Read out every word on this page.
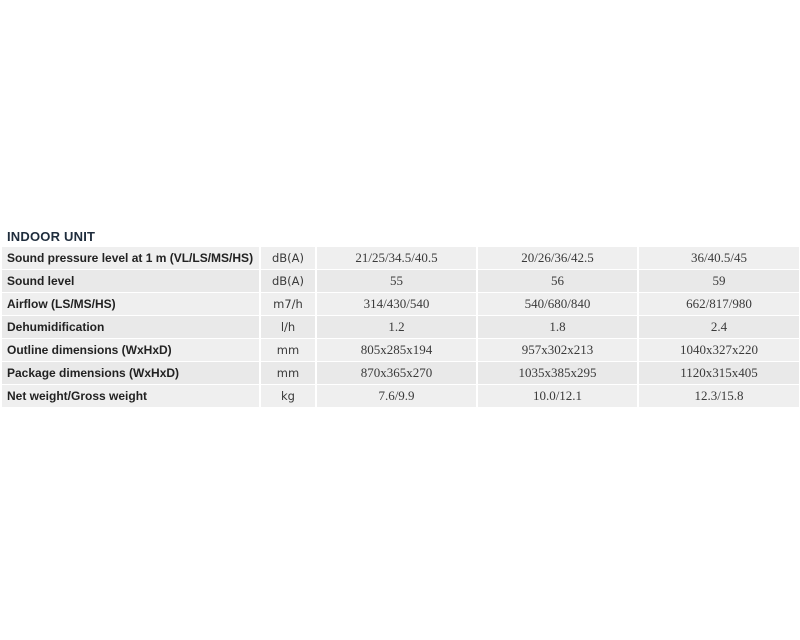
INDOOR UNIT
Sound pressure level at 1 m (VL/LS/MS/HS)	dB(A)	21/25/34.5/40.5	20/26/36/42.5	36/40.5/45
Sound level	dB(A)	55	56	59
Airflow (LS/MS/HS)	m7/h	314/430/540	540/680/840	662/817/980
Dehumidification	l/h	1.2	1.8	2.4
Outline dimensions (WxHxD)	mm	805x285x194	957x302x213	1040x327x220
Package dimensions (WxHxD)	mm	870x365x270	1035x385x295	1120x315x405
Net weight/Gross weight	kg	7.6/9.9	10.0/12.1	12.3/15.8
